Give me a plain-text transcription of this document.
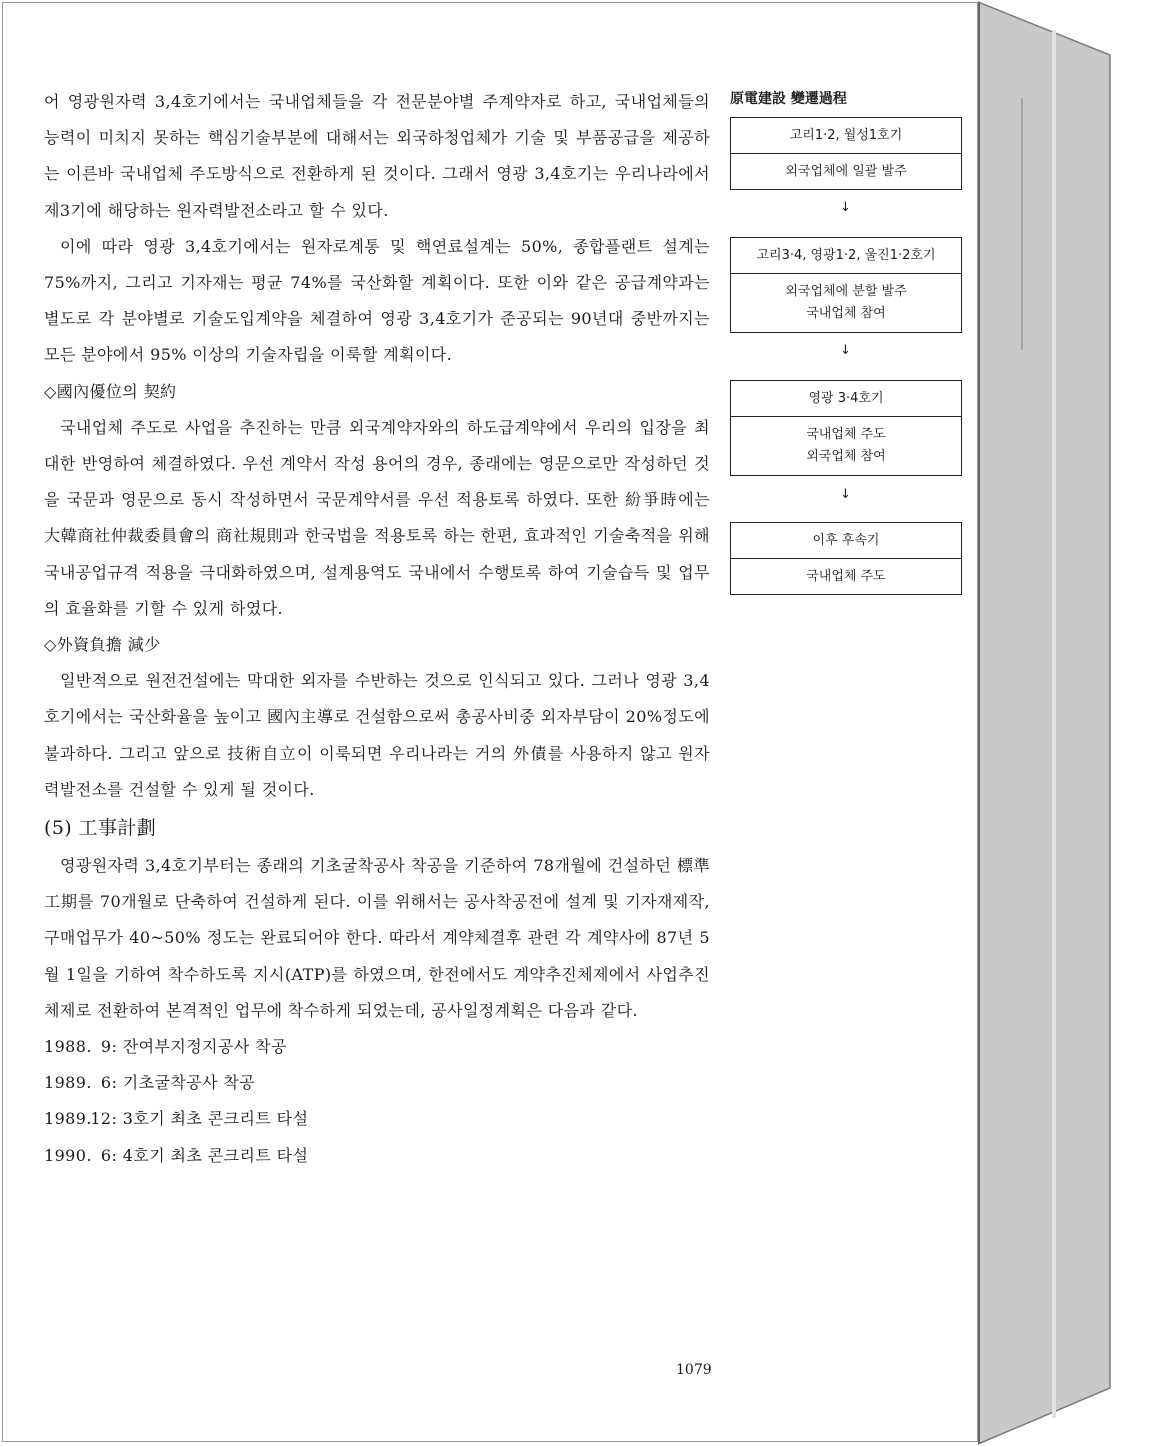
어 영광원자력 3,4호기에서는 국내업체들을 각 전문분야별 주계약자로 하고, 국내업체들의 능력이 미치지 못하는 핵심기술부분에 대해서는 외국하청업체가 기술 및 부품공급을 제공하는 이른바 국내업체 주도방식으로 전환하게 된 것이다. 그래서 영광 3,4호기는 우리나라에서 제3기에 해당하는 원자력발전소라고 할 수 있다.

이에 따라 영광 3,4호기에서는 원자로계통 및 핵연료설계는 50%, 종합플랜트 설계는 75%까지, 그리고 기자재는 평균 74%를 국산화할 계획이다. 또한 이와 같은 공급계약과는 별도로 각 분야별로 기술도입계약을 체결하여 영광 3,4호기가 준공되는 90년대 중반까지는 모든 분야에서 95% 이상의 기술자립을 이룩할 계획이다.

◇國內優位의 契約

국내업체 주도로 사업을 추진하는 만큼 외국계약자와의 하도급계약에서 우리의 입장을 최대한 반영하여 체결하였다. 우선 계약서 작성 용어의 경우, 종래에는 영문으로만 작성하던 것을 국문과 영문으로 동시 작성하면서 국문계약서를 우선 적용토록 하였다. 또한 紛爭時에는 大韓商社仲裁委員會의 商社規則과 한국법을 적용토록 하는 한편, 효과적인 기술축적을 위해 국내공업규격 적용을 극대화하였으며, 설계용역도 국내에서 수행토록 하여 기술습득 및 업무의 효율화를 기할 수 있게 하였다.

◇外資負擔 減少

일반적으로 원전건설에는 막대한 외자를 수반하는 것으로 인식되고 있다. 그러나 영광 3,4호기에서는 국산화율을 높이고 國內主導로 건설함으로써 총공사비중 외자부담이 20%정도에 불과하다. 그리고 앞으로 技術自立이 이룩되면 우리나라는 거의 外債를 사용하지 않고 원자력발전소를 건설할 수 있게 될 것이다.

(5) 工事計劃

영광원자력 3,4호기부터는 종래의 기초굴착공사 착공을 기준하여 78개월에 건설하던 標準工期를 70개월로 단축하여 건설하게 된다. 이를 위해서는 공사착공전에 설계 및 기자재제작, 구매업무가 40~50% 정도는 완료되어야 한다. 따라서 계약체결후 관련 각 계약사에 87년 5월 1일을 기하여 착수하도록 지시(ATP)를 하였으며, 한전에서도 계약추진체제에서 사업추진체제로 전환하여 본격적인 업무에 착수하게 되었는데, 공사일정계획은 다음과 같다.

1988. 9: 잔여부지정지공사 착공

1989. 6: 기초굴착공사 착공

1989. 12: 3호기 최초 콘크리트 타설

1990. 6: 4호기 최초 콘크리트 타설

原電建設 變遷過程
고리1·2, 월성1호기
외국업체에 일괄 발주
↓
고리3·4, 영광1·2, 울진1·2호기
외국업체에 분할 발주
국내업체 참여
↓
영광 3·4호기
국내업체 주도
외국업체 참여
↓
이후 후속기
국내업체 주도
1079
